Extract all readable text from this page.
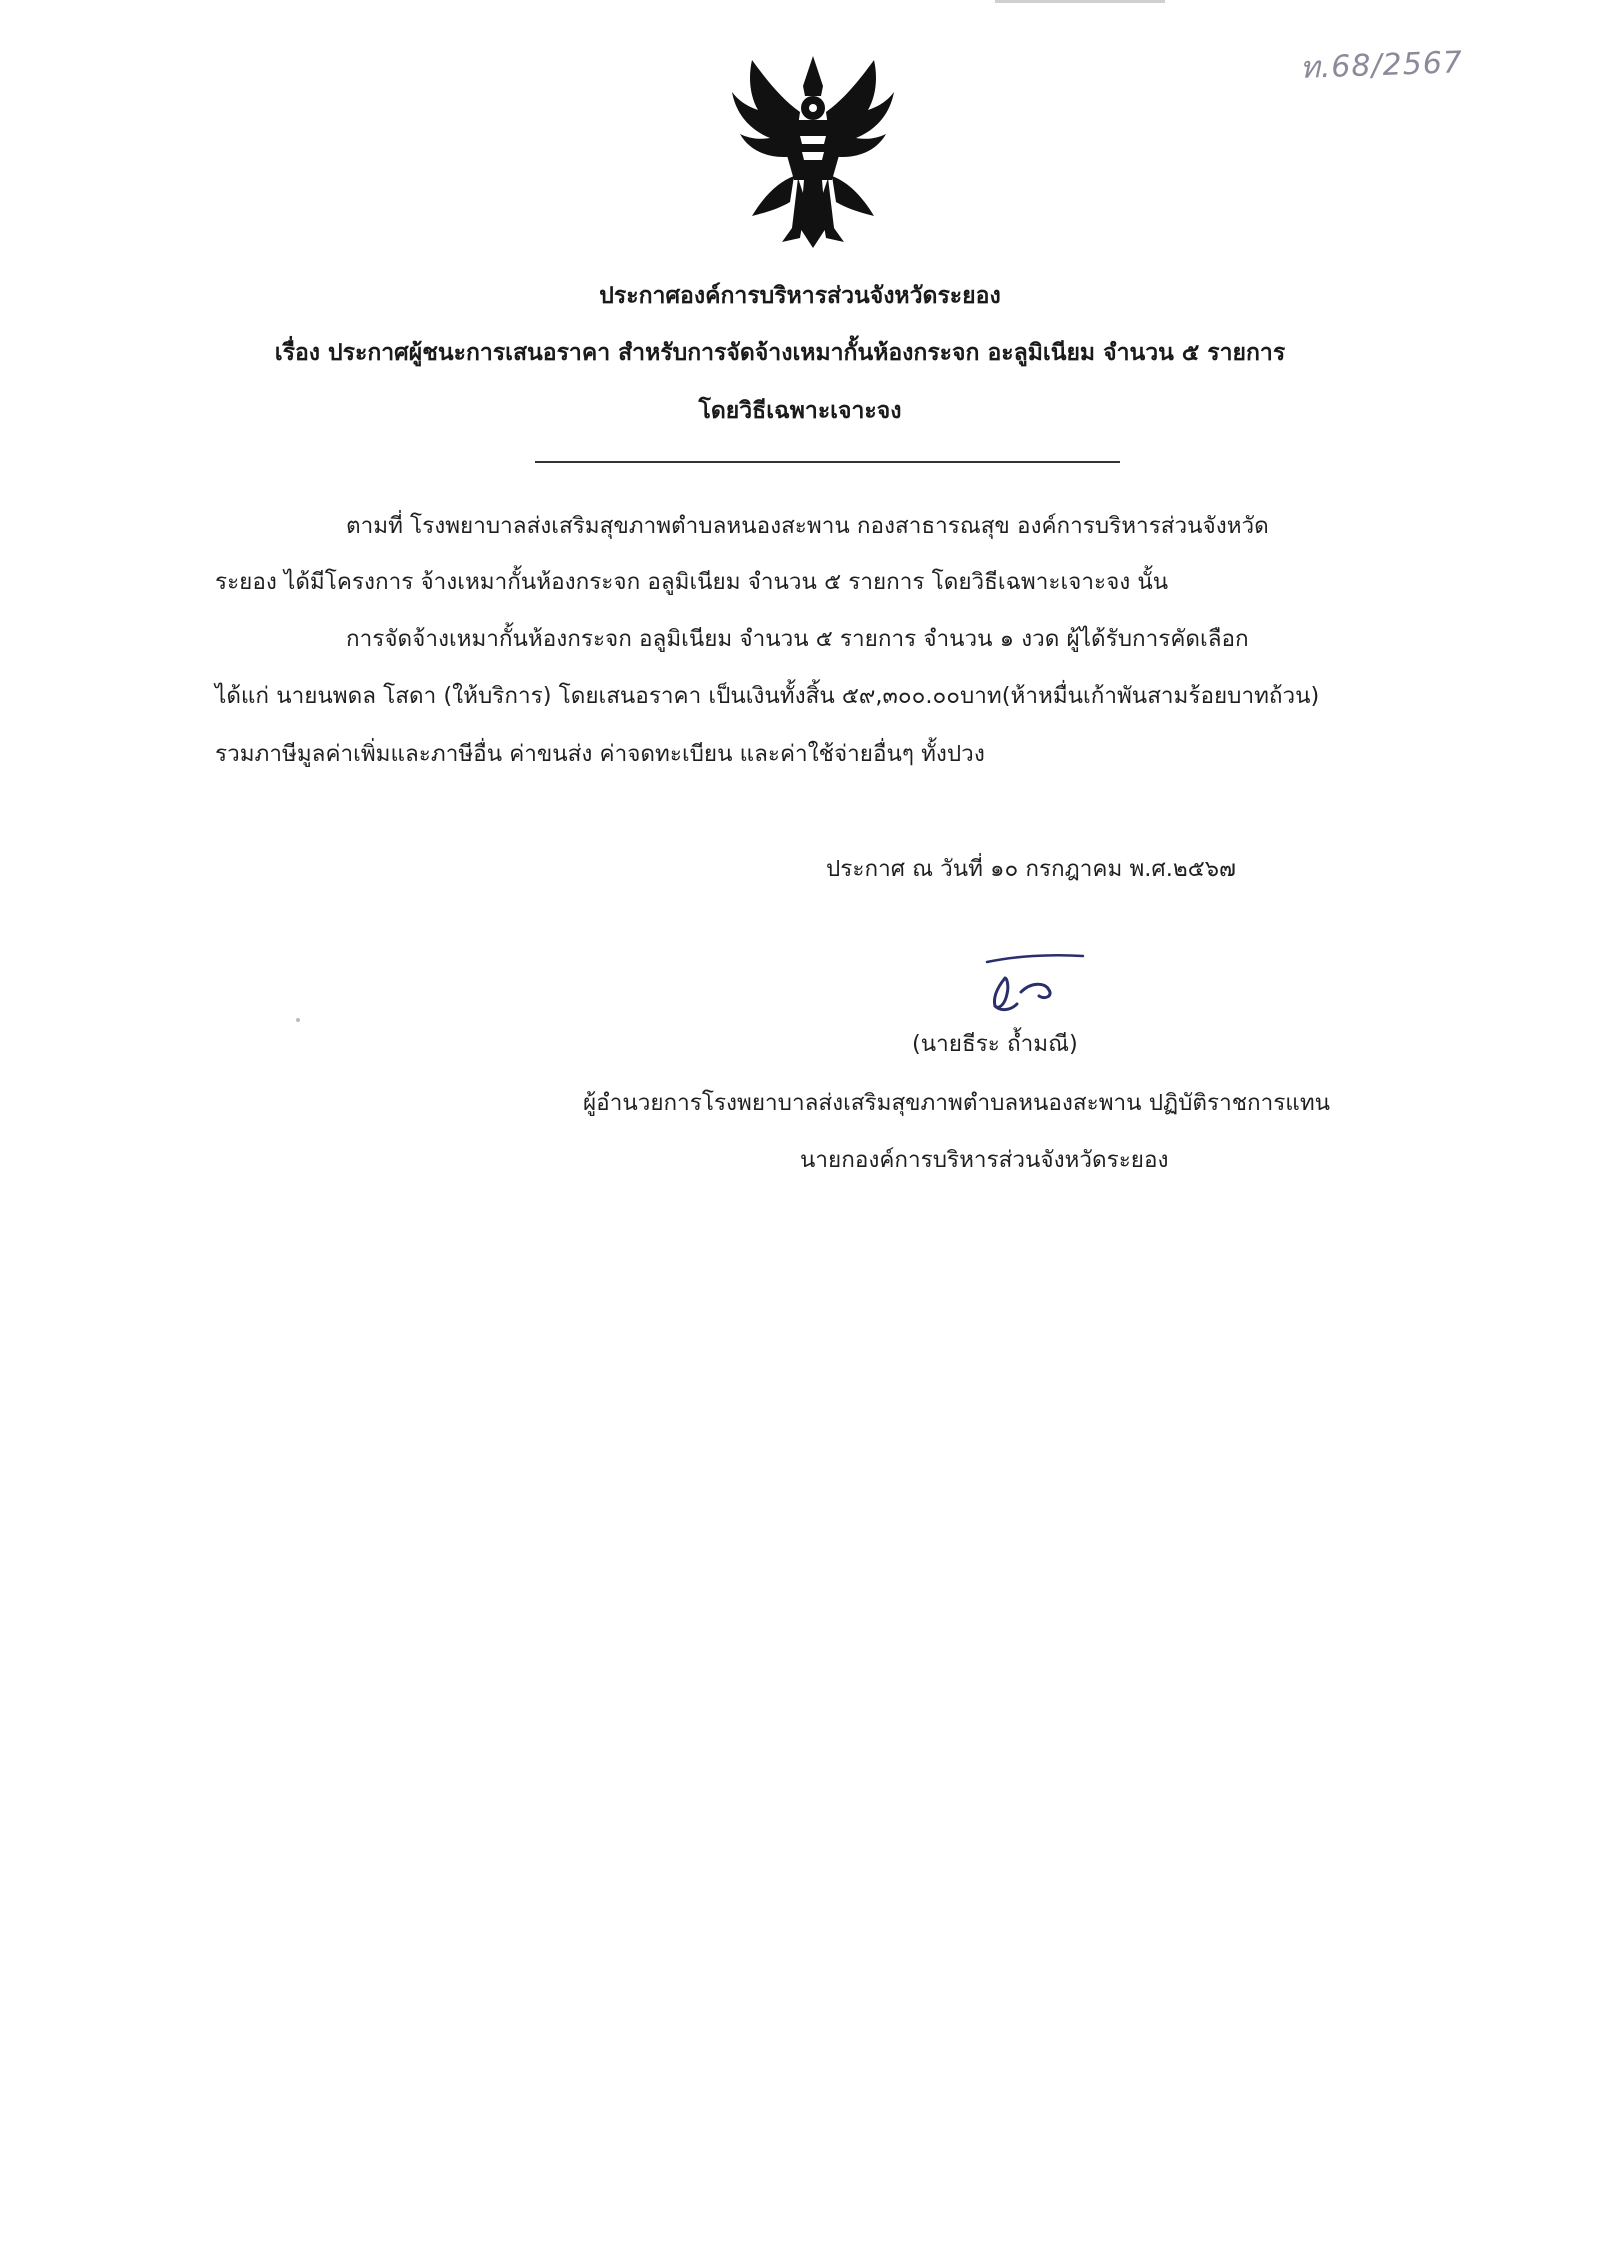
ท.68/2567
ประกาศองค์การบริหารส่วนจังหวัดระยอง
เรื่อง ประกาศผู้ชนะการเสนอราคา สำหรับการจัดจ้างเหมากั้นห้องกระจก อะลูมิเนียม จำนวน ๕ รายการ
โดยวิธีเฉพาะเจาะจง
ตามที่ โรงพยาบาลส่งเสริมสุขภาพตำบลหนองสะพาน กองสาธารณสุข องค์การบริหารส่วนจังหวัด
ระยอง ได้มีโครงการ จ้างเหมากั้นห้องกระจก อลูมิเนียม จำนวน ๕ รายการ โดยวิธีเฉพาะเจาะจง นั้น
การจัดจ้างเหมากั้นห้องกระจก อลูมิเนียม จำนวน ๕ รายการ จำนวน ๑ งวด ผู้ได้รับการคัดเลือก
ได้แก่ นายนพดล โสดา (ให้บริการ) โดยเสนอราคา เป็นเงินทั้งสิ้น ๕๙,๓๐๐.๐๐บาท(ห้าหมื่นเก้าพันสามร้อยบาทถ้วน)
รวมภาษีมูลค่าเพิ่มและภาษีอื่น ค่าขนส่ง ค่าจดทะเบียน และค่าใช้จ่ายอื่นๆ ทั้งปวง
ประกาศ ณ วันที่ ๑๐ กรกฎาคม พ.ศ.๒๕๖๗
(นายธีระ ถ้ำมณี)
ผู้อำนวยการโรงพยาบาลส่งเสริมสุขภาพตำบลหนองสะพาน ปฏิบัติราชการแทน
นายกองค์การบริหารส่วนจังหวัดระยอง
